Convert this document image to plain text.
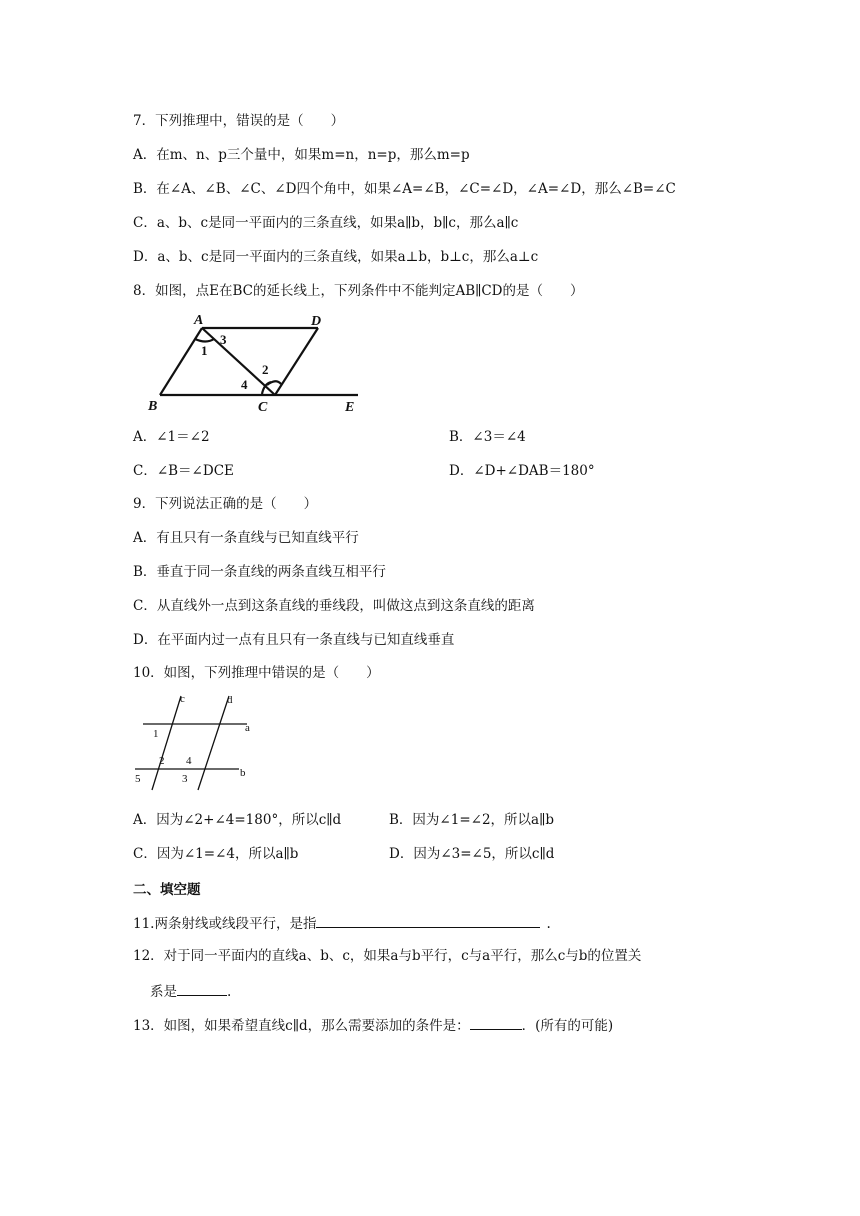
7．下列推理中，错误的是（　　）
A．在m、n、p三个量中，如果m=n，n=p，那么m=p
B．在∠A、∠B、∠C、∠D四个角中，如果∠A=∠B，∠C=∠D，∠A=∠D，那么∠B=∠C
C．a、b、c是同一平面内的三条直线，如果a∥b，b∥c，那么a∥c
D．a、b、c是同一平面内的三条直线，如果a⊥b，b⊥c，那么a⊥c
8．如图，点E在BC的延长线上，下列条件中不能判定AB∥CD的是（　　）
A	D
B	C	E
1
3
4
2
A．∠1＝∠2	B．∠3＝∠4
C．∠B＝∠DCE	D．∠D+∠DAB＝180°
9．下列说法正确的是（　　）
A．有且只有一条直线与已知直线平行
B．垂直于同一条直线的两条直线互相平行
C．从直线外一点到这条直线的垂线段，叫做这点到这条直线的距离
D．在平面内过一点有且只有一条直线与已知直线垂直
10．如图，下列推理中错误的是（　　）
c	d
a
b
1
2 4
5	3
A．因为∠2+∠4=180°，所以c∥d	B．因为∠1=∠2，所以a∥b
C．因为∠1=∠4，所以a∥b	D．因为∠3=∠5，所以c∥d
二、填空题
11.两条射线或线段平行，是指	.
12．对于同一平面内的直线a、b、c，如果a与b平行，c与a平行，那么c与b的位置关
系是	.
13．如图，如果希望直线c∥d，那么需要添加的条件是：	．(所有的可能)
